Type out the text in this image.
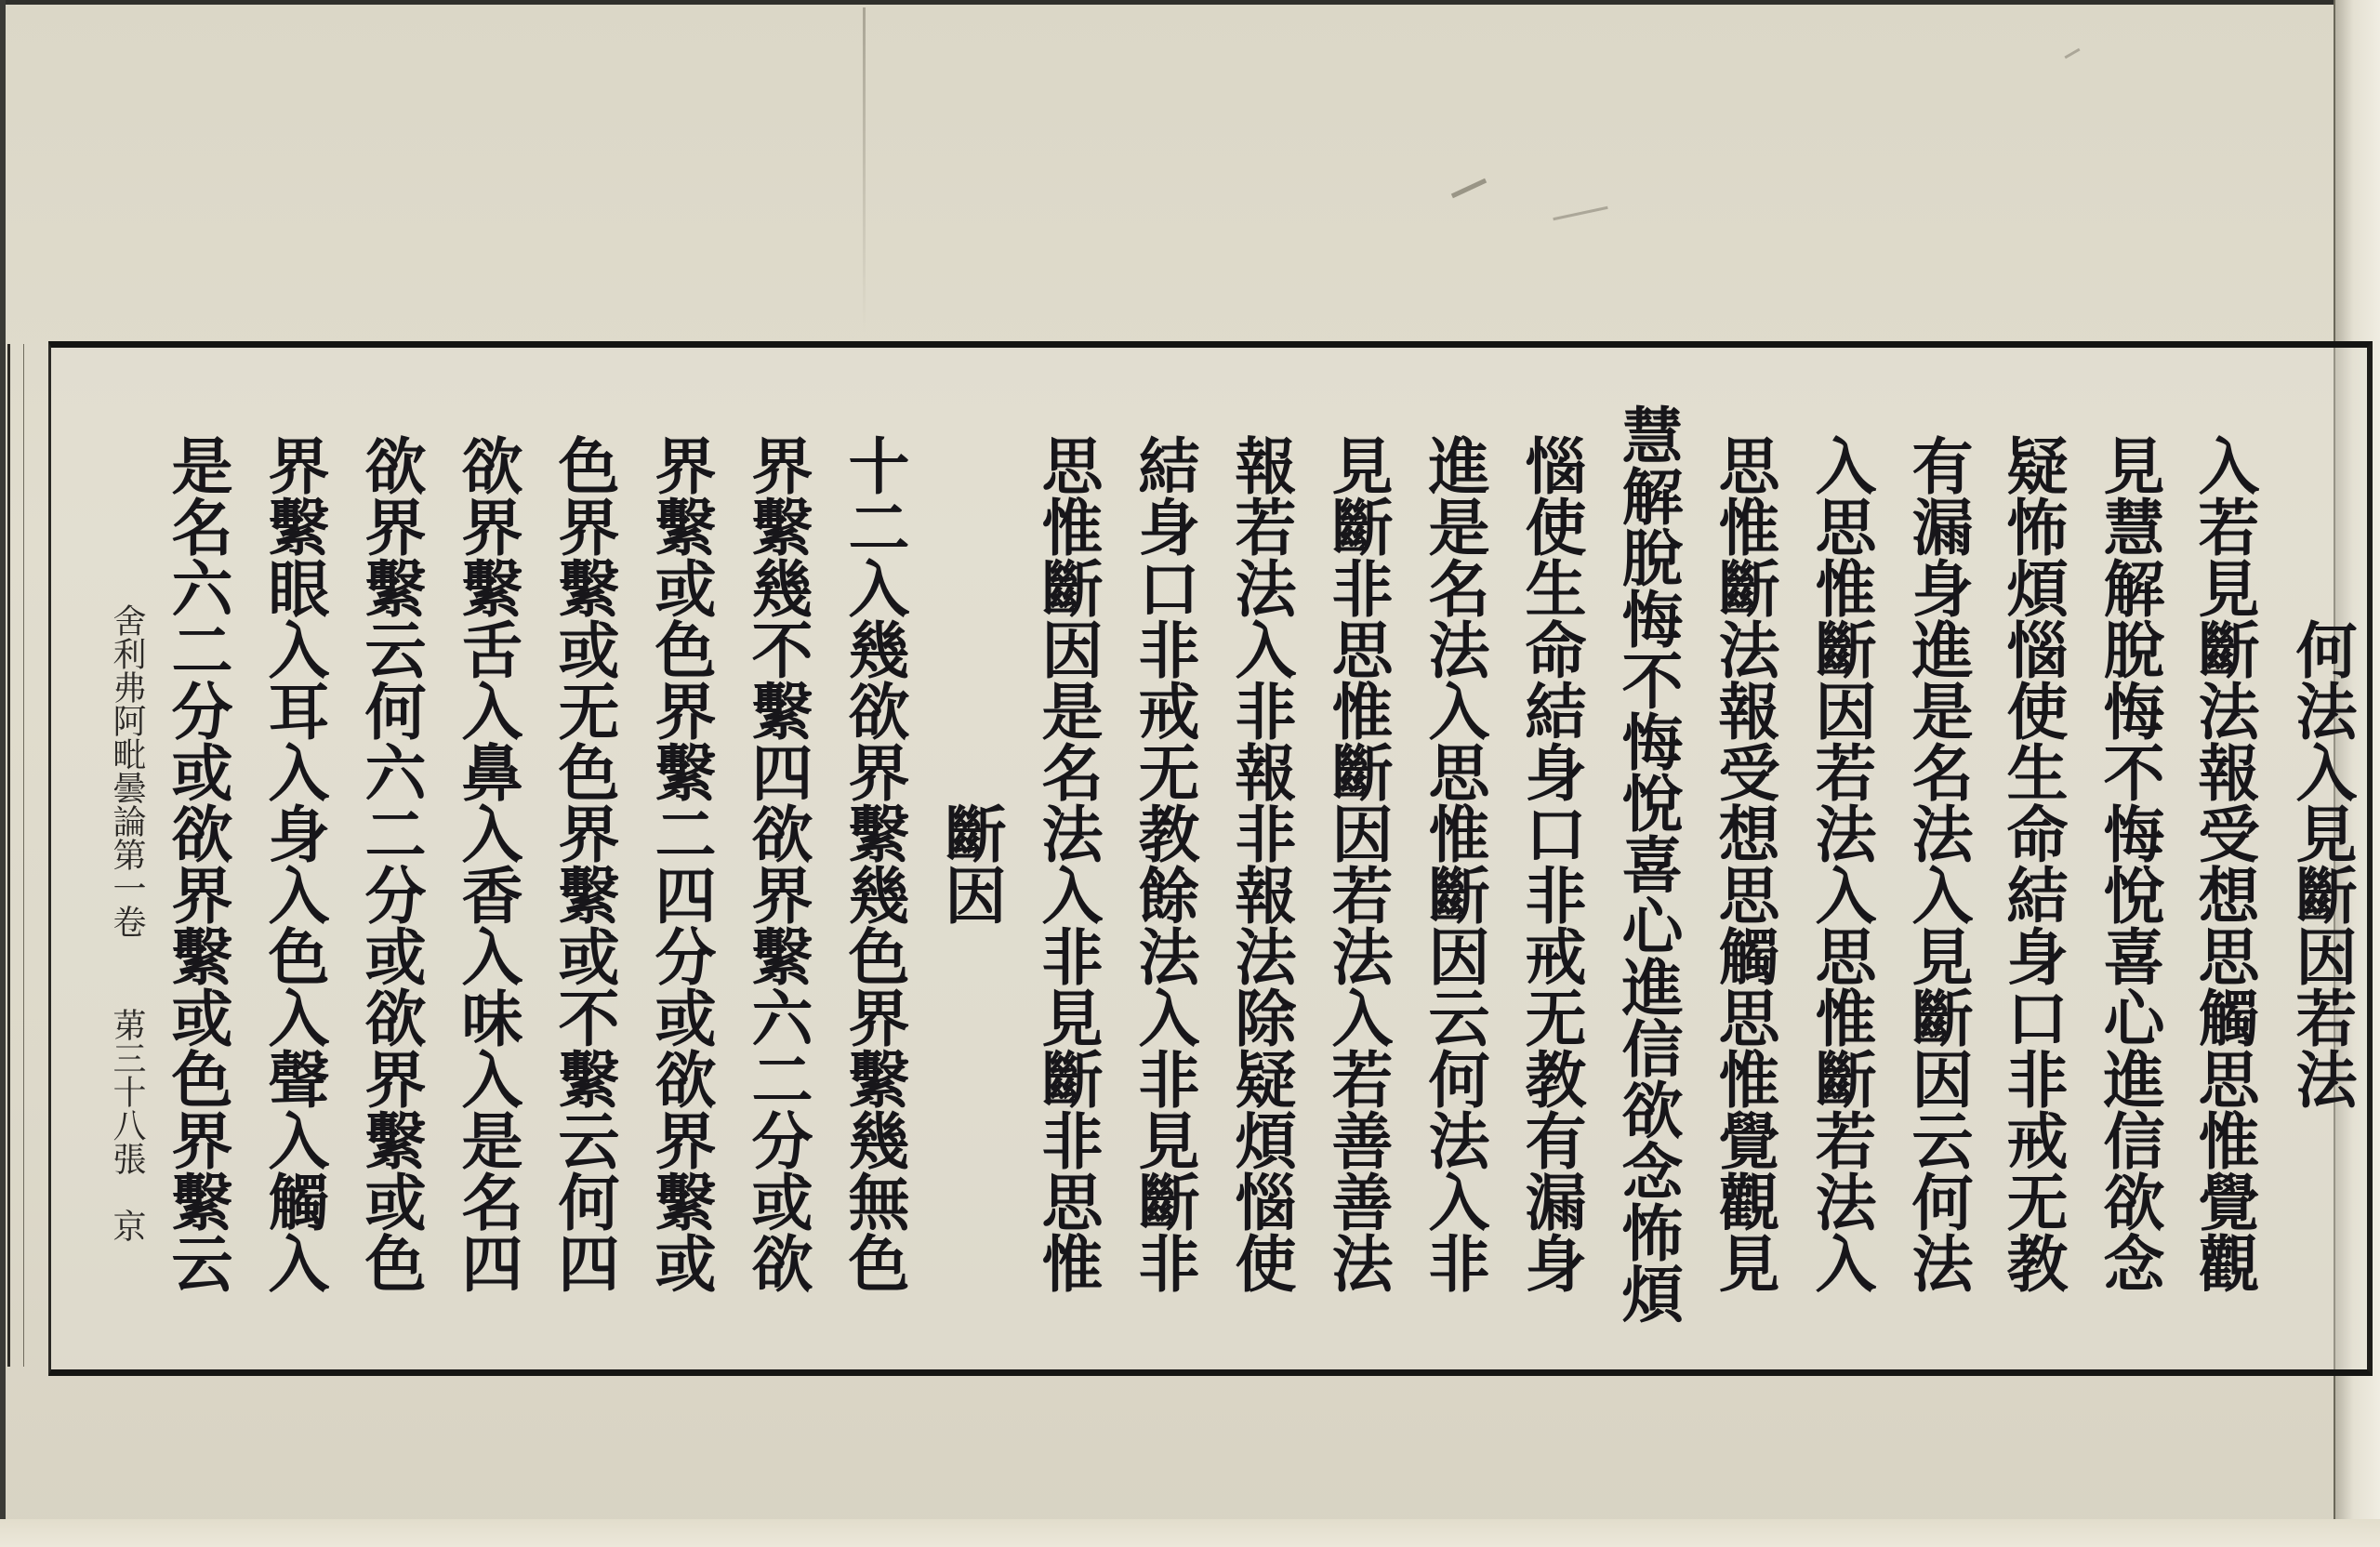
何法入見斷因若法
入若見斷法報受想思觸思惟覺觀
見慧解脫悔不悔悅喜心進信欲念
疑怖煩惱使生命結身口非戒无教
有漏身進是名法入見斷因云何法
入思惟斷因若法入思惟斷若法入
思惟斷法報受想思觸思惟覺觀見
慧解脫悔不悔悅喜心進信欲念怖煩
惱使生命結身口非戒无教有漏身
進是名法入思惟斷因云何法入非
見斷非思惟斷因若法入若善善法
報若法入非報非報法除疑煩惱使
結身口非戒无教餘法入非見斷非
思惟斷因是名法入非見斷非思惟
斷因
十二入幾欲界繫幾色界繫幾無色
界繫幾不繫四欲界繫六二分或欲
界繫或色界繫二四分或欲界繫或
色界繫或无色界繫或不繫云何四
欲界繫舌入鼻入香入味入是名四
欲界繫云何六二分或欲界繫或色
界繫眼入耳入身入色入聲入觸入
是名六二分或欲界繫或色界繫云
舍利弗阿毗曇論第一卷
苐三十八張　京
